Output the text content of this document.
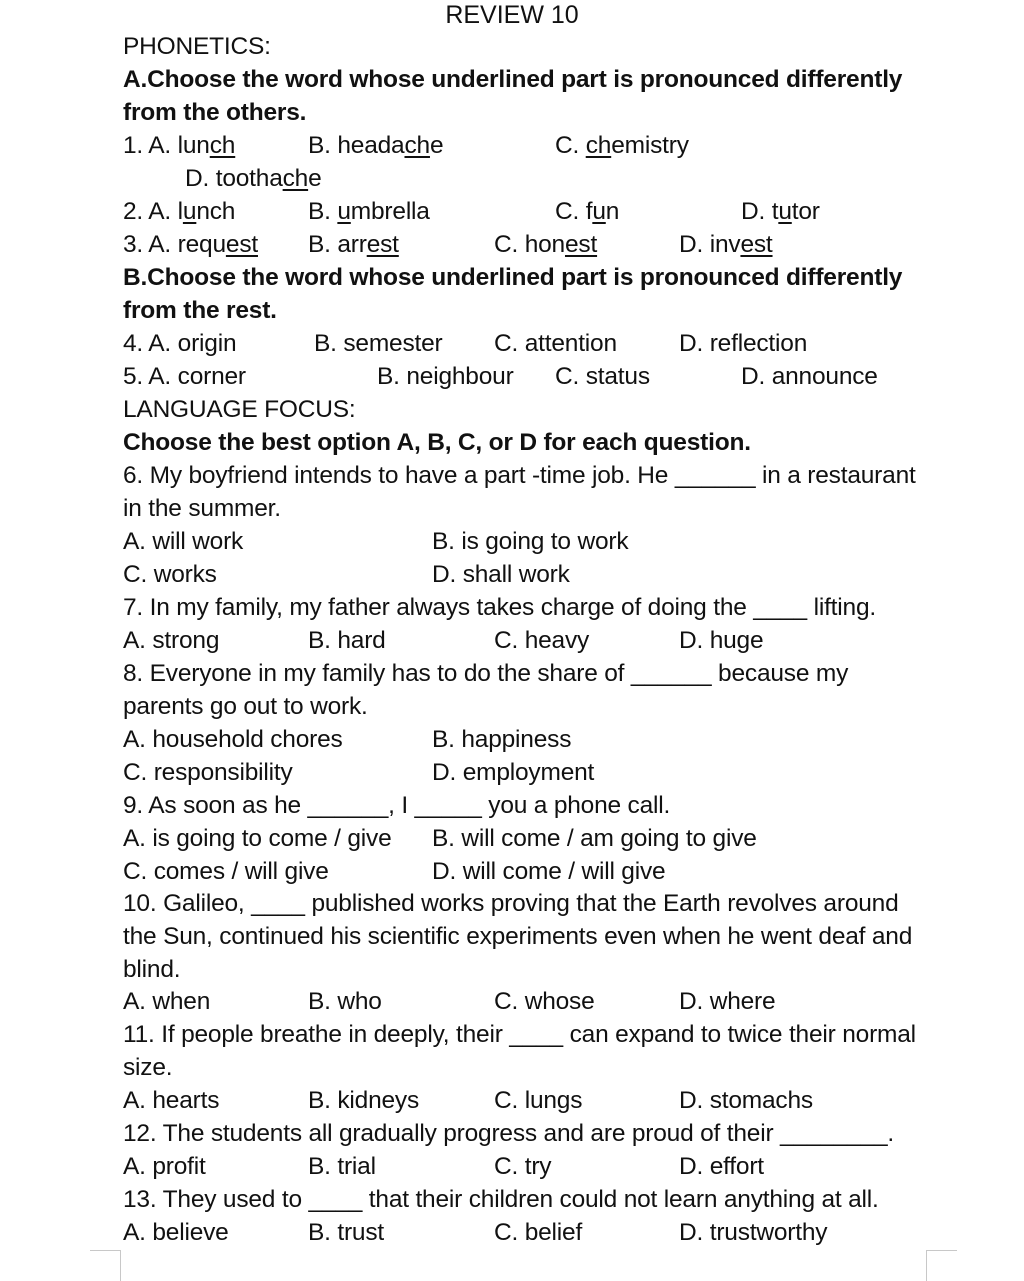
REVIEW 10
PHONETICS:
A.Choose the word whose underlined part is pronounced differently
from the others.
1. A. lunch	B. headache	C. chemistry
D. toothache
2. A. lunch	B. umbrella	C. fun	D. tutor
3. A. request B. arrest	C. honest	D. invest
B.Choose the word whose underlined part is pronounced differently
from the rest.
4. A. origin	B. semester C. attention	D. reflection
5. A. corner	B. neighbour C. status	D. announce
LANGUAGE FOCUS:
Choose the best option A, B, C, or D for each question.
6. My boyfriend intends to have a part -time job. He ______ in a restaurant
in the summer.
A. will work	B. is going to work
C. works	D. shall work
7. In my family, my father always takes charge of doing the ____ lifting.
A. strong	B. hard	C. heavy	D. huge
8. Everyone in my family has to do the share of ______ because my
parents go out to work.
A. household chores	B. happiness
C. responsibility	D. employment
9. As soon as he ______, I _____ you a phone call.
A. is going to come / give B. will come / am going to give
C. comes / will give	D. will come / will give
10. Galileo, ____ published works proving that the Earth revolves around
the Sun, continued his scientific experiments even when he went deaf and
blind.
A. when	B. who	C. whose	D. where
11. If people breathe in deeply, their ____ can expand to twice their normal
size.
A. hearts	B. kidneys	C. lungs	D. stomachs
12. The students all gradually progress and are proud of their ________.
A. profit	B. trial	C. try	D. effort
13. They used to ____ that their children could not learn anything at all.
A. believe	B. trust	C. belief	D. trustworthy
